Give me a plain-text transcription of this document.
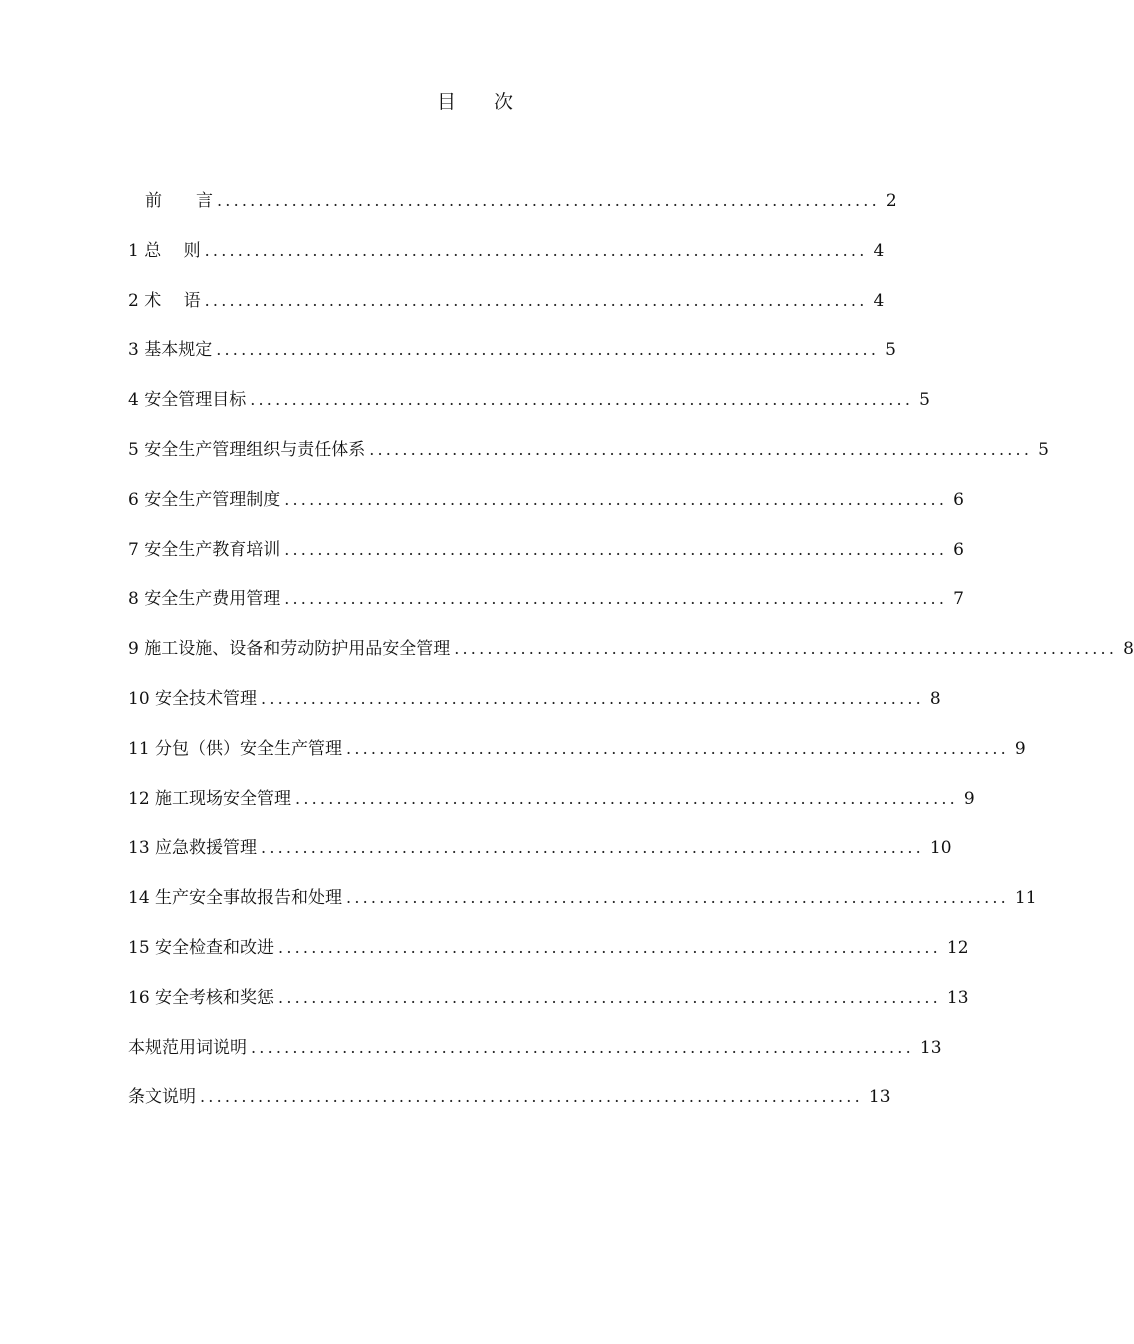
目　　次
　前　　言 ................................................................................ 2
1 总　 则 ................................................................................ 4
2 术　 语 ................................................................................ 4
3 基本规定 ................................................................................ 5
4 安全管理目标 ................................................................................ 5
5 安全生产管理组织与责任体系 ................................................................................ 5
6 安全生产管理制度 ................................................................................ 6
7 安全生产教育培训 ................................................................................ 6
8 安全生产费用管理 ................................................................................ 7
9 施工设施、设备和劳动防护用品安全管理 ................................................................................ 8
10 安全技术管理 ................................................................................ 8
11 分包（供）安全生产管理 ................................................................................ 9
12 施工现场安全管理 ................................................................................ 9
13 应急救援管理 ................................................................................ 10
14 生产安全事故报告和处理 ................................................................................ 11
15 安全检查和改进 ................................................................................ 12
16 安全考核和奖惩 ................................................................................ 13
本规范用词说明 ................................................................................ 13
条文说明 ................................................................................ 13
